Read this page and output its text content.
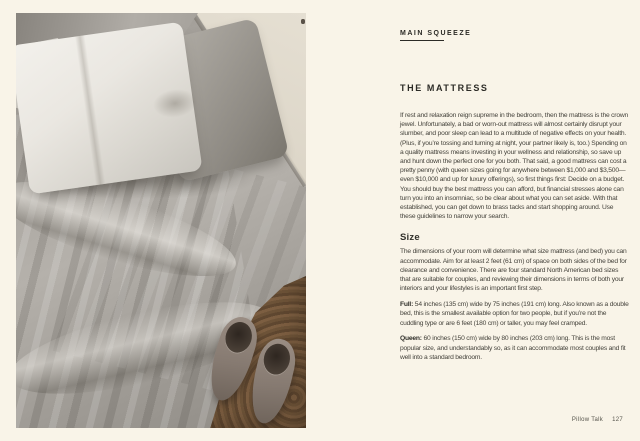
MAIN SQUEEZE
THE MATTRESS

If rest and relaxation reign supreme in the bedroom, then the mattress is the crown jewel. Unfortunately, a bad or worn-out mattress will almost certainly disrupt your slumber, and poor sleep can lead to a multitude of negative effects on your health. (Plus, if you’re tossing and turning at night, your partner likely is, too.) Spending on a quality mattress means investing in your wellness and relationship, so save up and hunt down the perfect one for you both. That said, a good mattress can cost a pretty penny (with queen sizes going for anywhere between $1,000 and $3,500—even $10,000 and up for luxury offerings), so first things first: Decide on a budget. You should buy the best mattress you can afford, but financial stresses alone can turn you into an insomniac, so be clear about what you can set aside. With that established, you can get down to brass tacks and start shopping around. Use these guidelines to narrow your search.

Size

The dimensions of your room will determine what size mattress (and bed) you can accommodate. Aim for at least 2 feet (61 cm) of space on both sides of the bed for clearance and convenience. There are four standard North American bed sizes that are suitable for couples, and reviewing their dimensions in terms of both your interiors and your lifestyles is an important first step.

Full: 54 inches (135 cm) wide by 75 inches (191 cm) long. Also known as a double bed, this is the smallest available option for two people, but if you’re not the cuddling type or are 6 feet (180 cm) or taller, you may feel cramped.

Queen: 60 inches (150 cm) wide by 80 inches (203 cm) long. This is the most popular size, and understandably so, as it can accommodate most couples and fit well into a standard bedroom.

Pillow Talk 127
